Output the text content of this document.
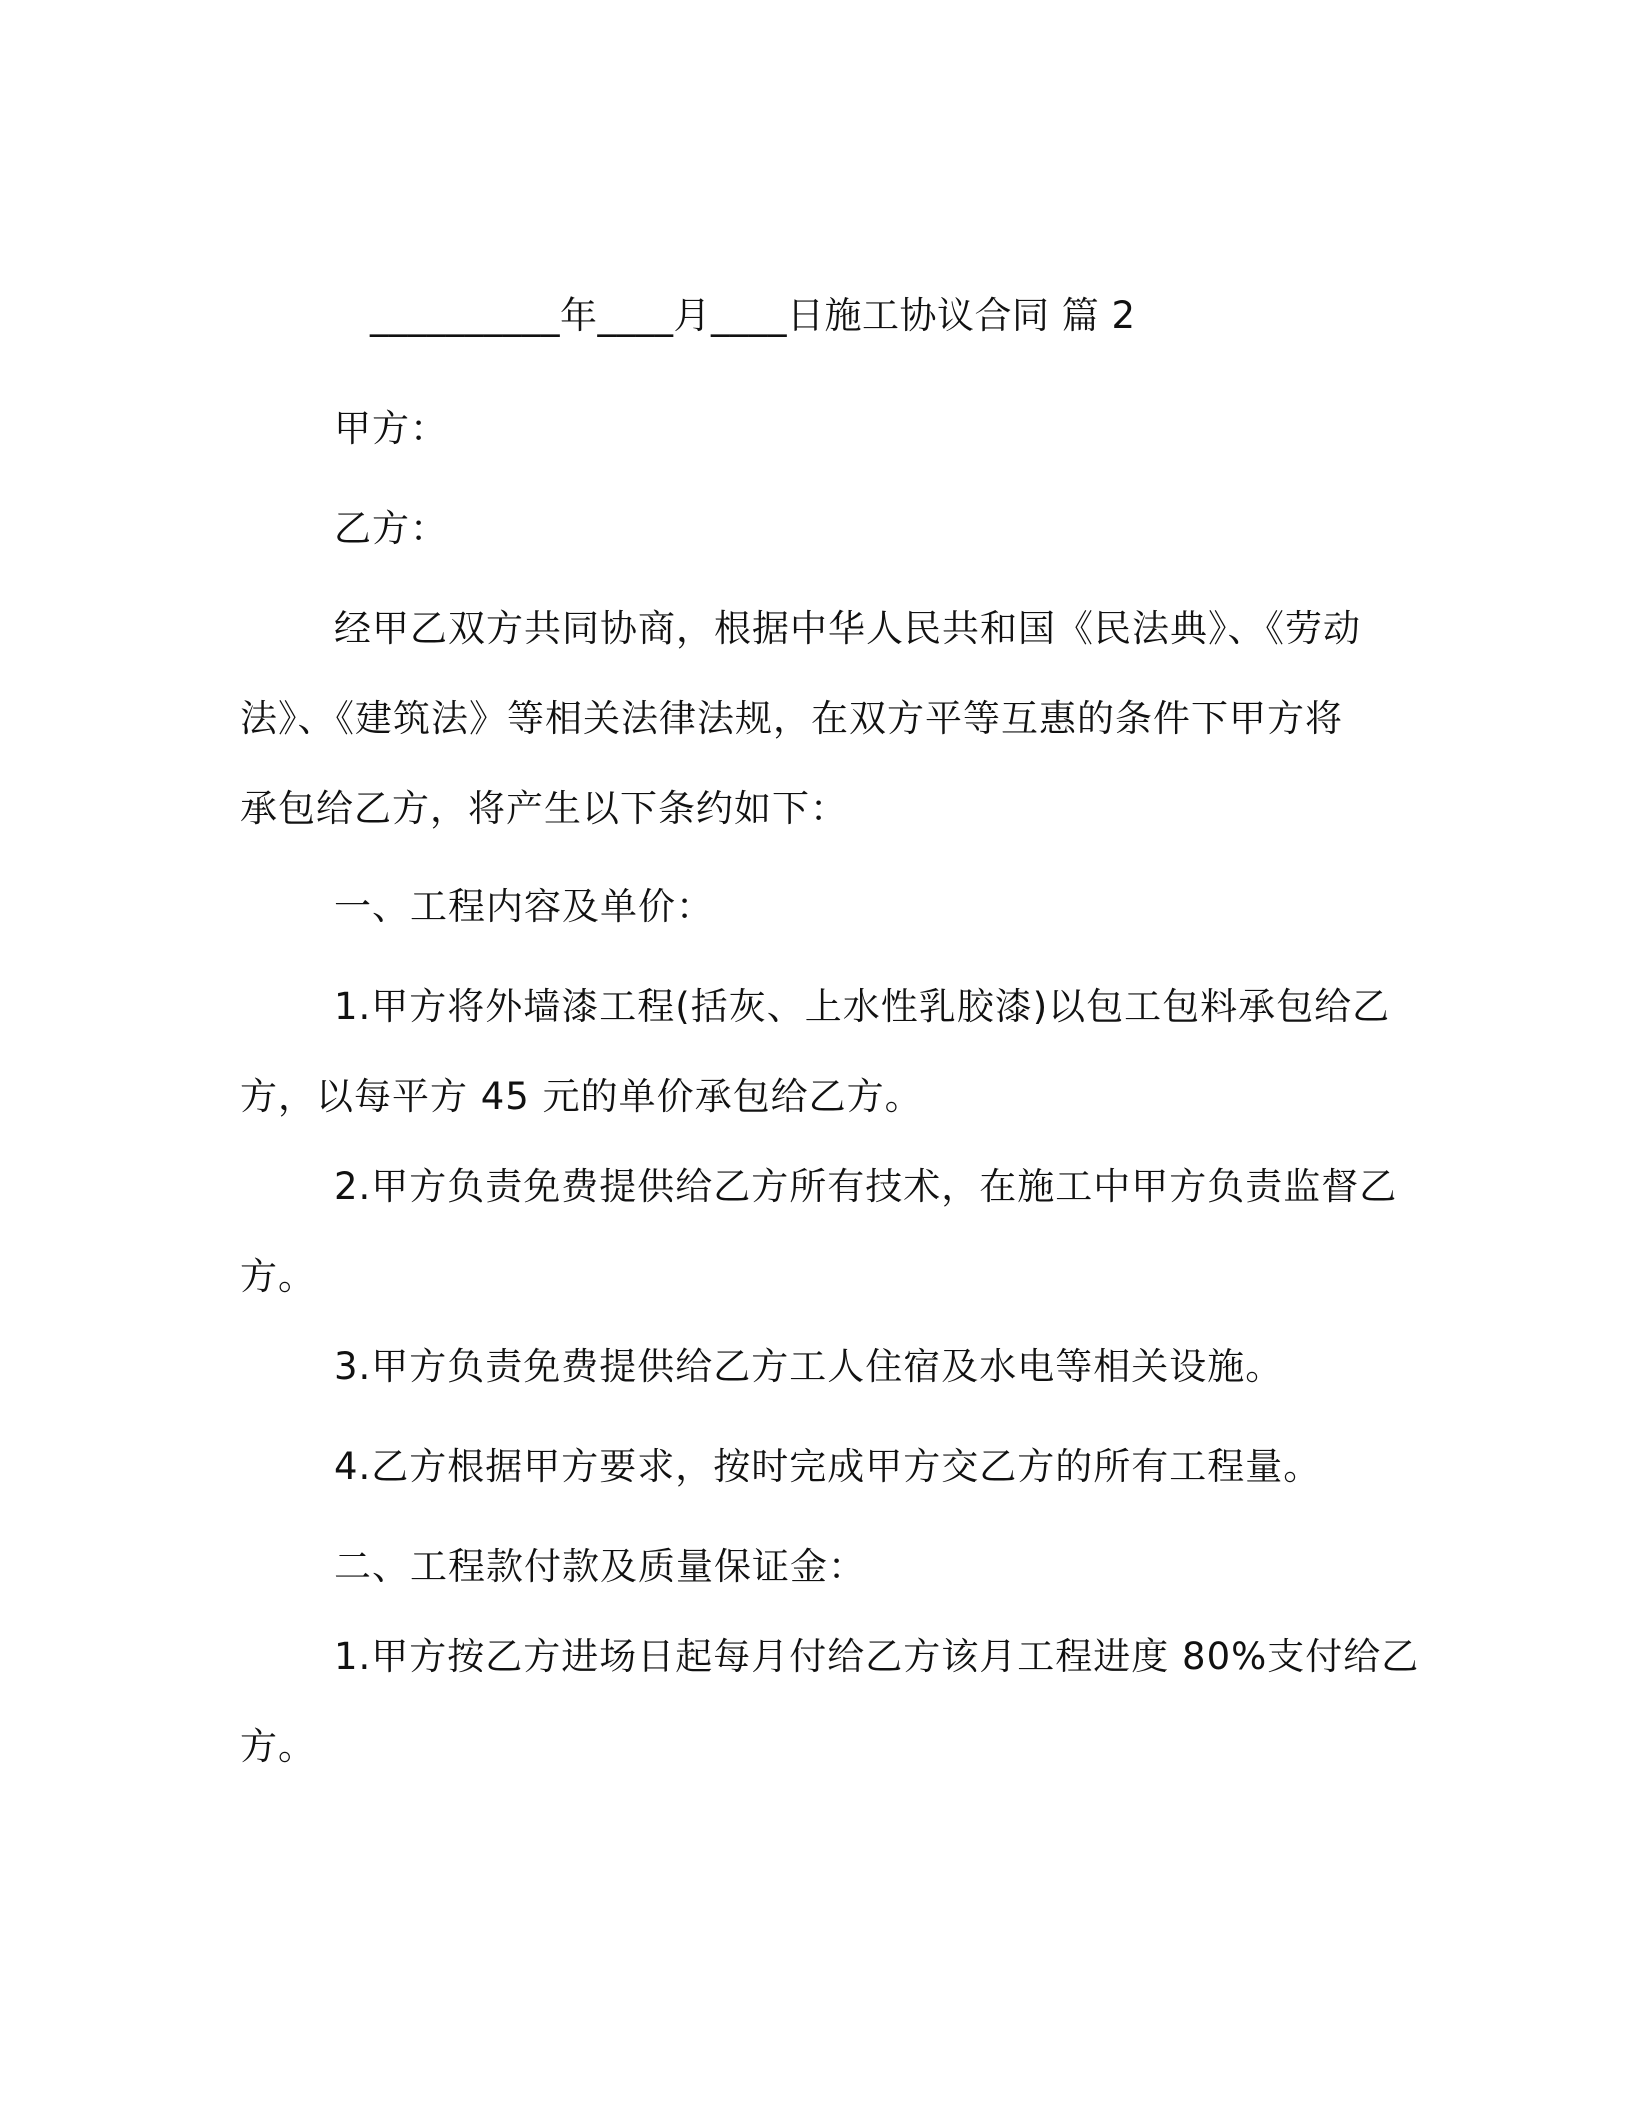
__________年____月____日施工协议合同 篇 2
甲方：
乙方：
经甲乙双方共同协商，根据中华人民共和国《民法典》、《劳动
法》、《建筑法》等相关法律法规，在双方平等互惠的条件下甲方将
承包给乙方，将产生以下条约如下：
一、工程内容及单价：
1.甲方将外墙漆工程(括灰、上水性乳胶漆)以包工包料承包给乙
方，以每平方 45 元的单价承包给乙方。
2.甲方负责免费提供给乙方所有技术，在施工中甲方负责监督乙
方。
3.甲方负责免费提供给乙方工人住宿及水电等相关设施。
4.乙方根据甲方要求，按时完成甲方交乙方的所有工程量。
二、工程款付款及质量保证金：
1.甲方按乙方进场日起每月付给乙方该月工程进度 80%支付给乙
方。
